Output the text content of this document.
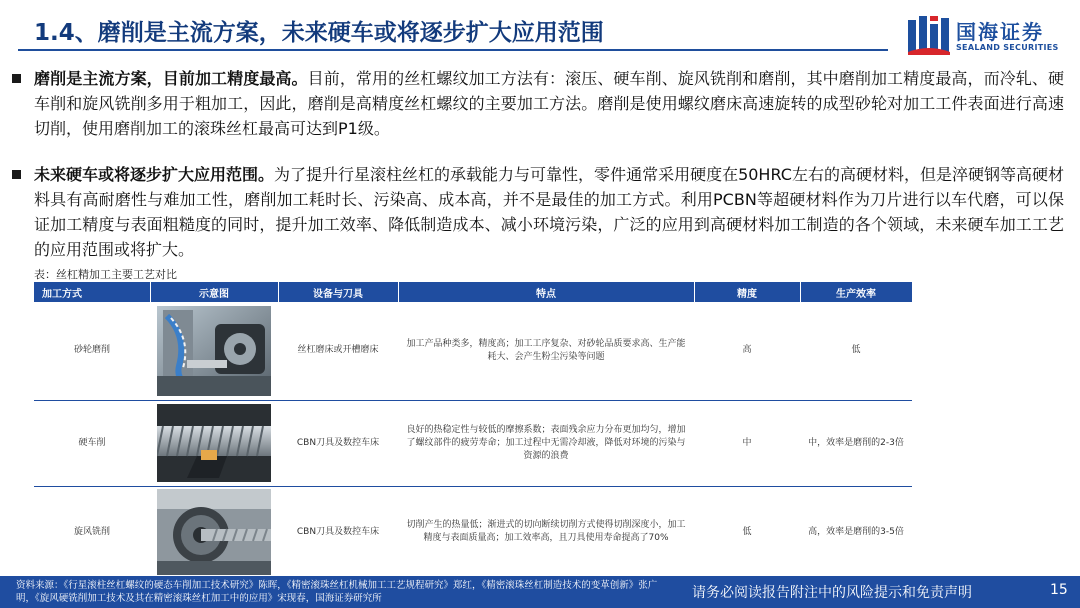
1.4、磨削是主流方案，未来硬车或将逐步扩大应用范围	国海证券
SEALAND SECURITIES
磨削是主流方案，目前加工精度最高。目前，常用的丝杠螺纹加工方法有：滚压、硬车削、旋风铣削和磨削，其中磨削加工精度最高，而冷轧、硬车削和旋风铣削多用于粗加工，因此，磨削是高精度丝杠螺纹的主要加工方法。磨削是使用螺纹磨床高速旋转的成型砂轮对加工工件表面进行高速切削，使用磨削加工的滚珠丝杠最高可达到P1级。
未来硬车或将逐步扩大应用范围。为了提升行星滚柱丝杠的承载能力与可靠性，零件通常采用硬度在50HRC左右的高硬材料，但是淬硬钢等高硬材料具有高耐磨性与难加工性，磨削加工耗时长、污染高、成本高，并不是最佳的加工方式。利用PCBN等超硬材料作为刀片进行以车代磨，可以保证加工精度与表面粗糙度的同时，提升加工效率、降低制造成本、减小环境污染，广泛的应用到高硬材料加工制造的各个领域，未来硬车加工工艺的应用范围或将扩大。
表：丝杠精加工主要工艺对比
加工方式	示意图	设备与刀具	特点	精度	生产效率
砂轮磨削		丝杠磨床或开槽磨床	加工产品种类多，精度高；加工工序复杂、对砂轮品质要求高、生产能耗大、会产生粉尘污染等问题	高	低
硬车削		CBN刀具及数控车床	良好的热稳定性与较低的摩擦系数；表面残余应力分布更加均匀，增加了螺纹部件的疲劳寿命；加工过程中无需冷却液，降低对环境的污染与资源的浪费	中	中，效率是磨削的2-3倍
旋风铣削		CBN刀具及数控车床	切削产生的热量低；渐进式的切向断续切削方式使得切削深度小，加工精度与表面质量高；加工效率高，且刀具使用寿命提高了70%	低	高，效率是磨削的3-5倍
资料来源：《行星滚柱丝杠螺纹的硬态车削加工技术研究》陈晖，《精密滚珠丝杠机械加工工艺规程研究》郑红，《精密滚珠丝杠制造技术的变革创新》张广明，《旋风硬铣削加工技术及其在精密滚珠丝杠加工中的应用》宋现春，国海证券研究所	请务必阅读报告附注中的风险提示和免责声明	15
